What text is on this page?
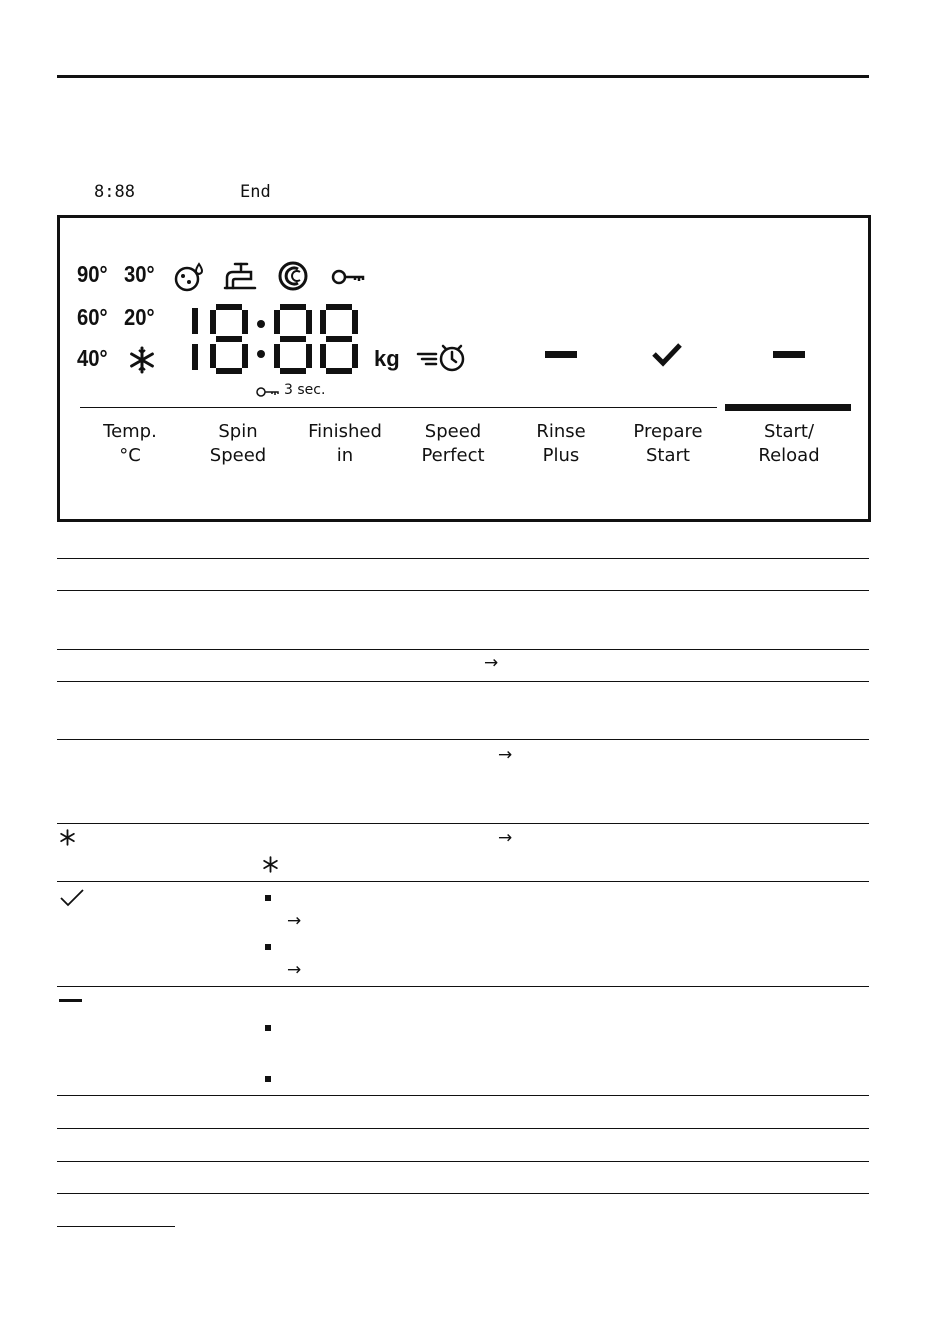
8:88	End
90° 30°
60° 20°
40°	kg
3 sec.
Temp.
°C
Spin
Speed
Finished
in
Speed
Perfect
Rinse
Plus
Prepare
Start
Start/
Reload
→
→
→
→
→
